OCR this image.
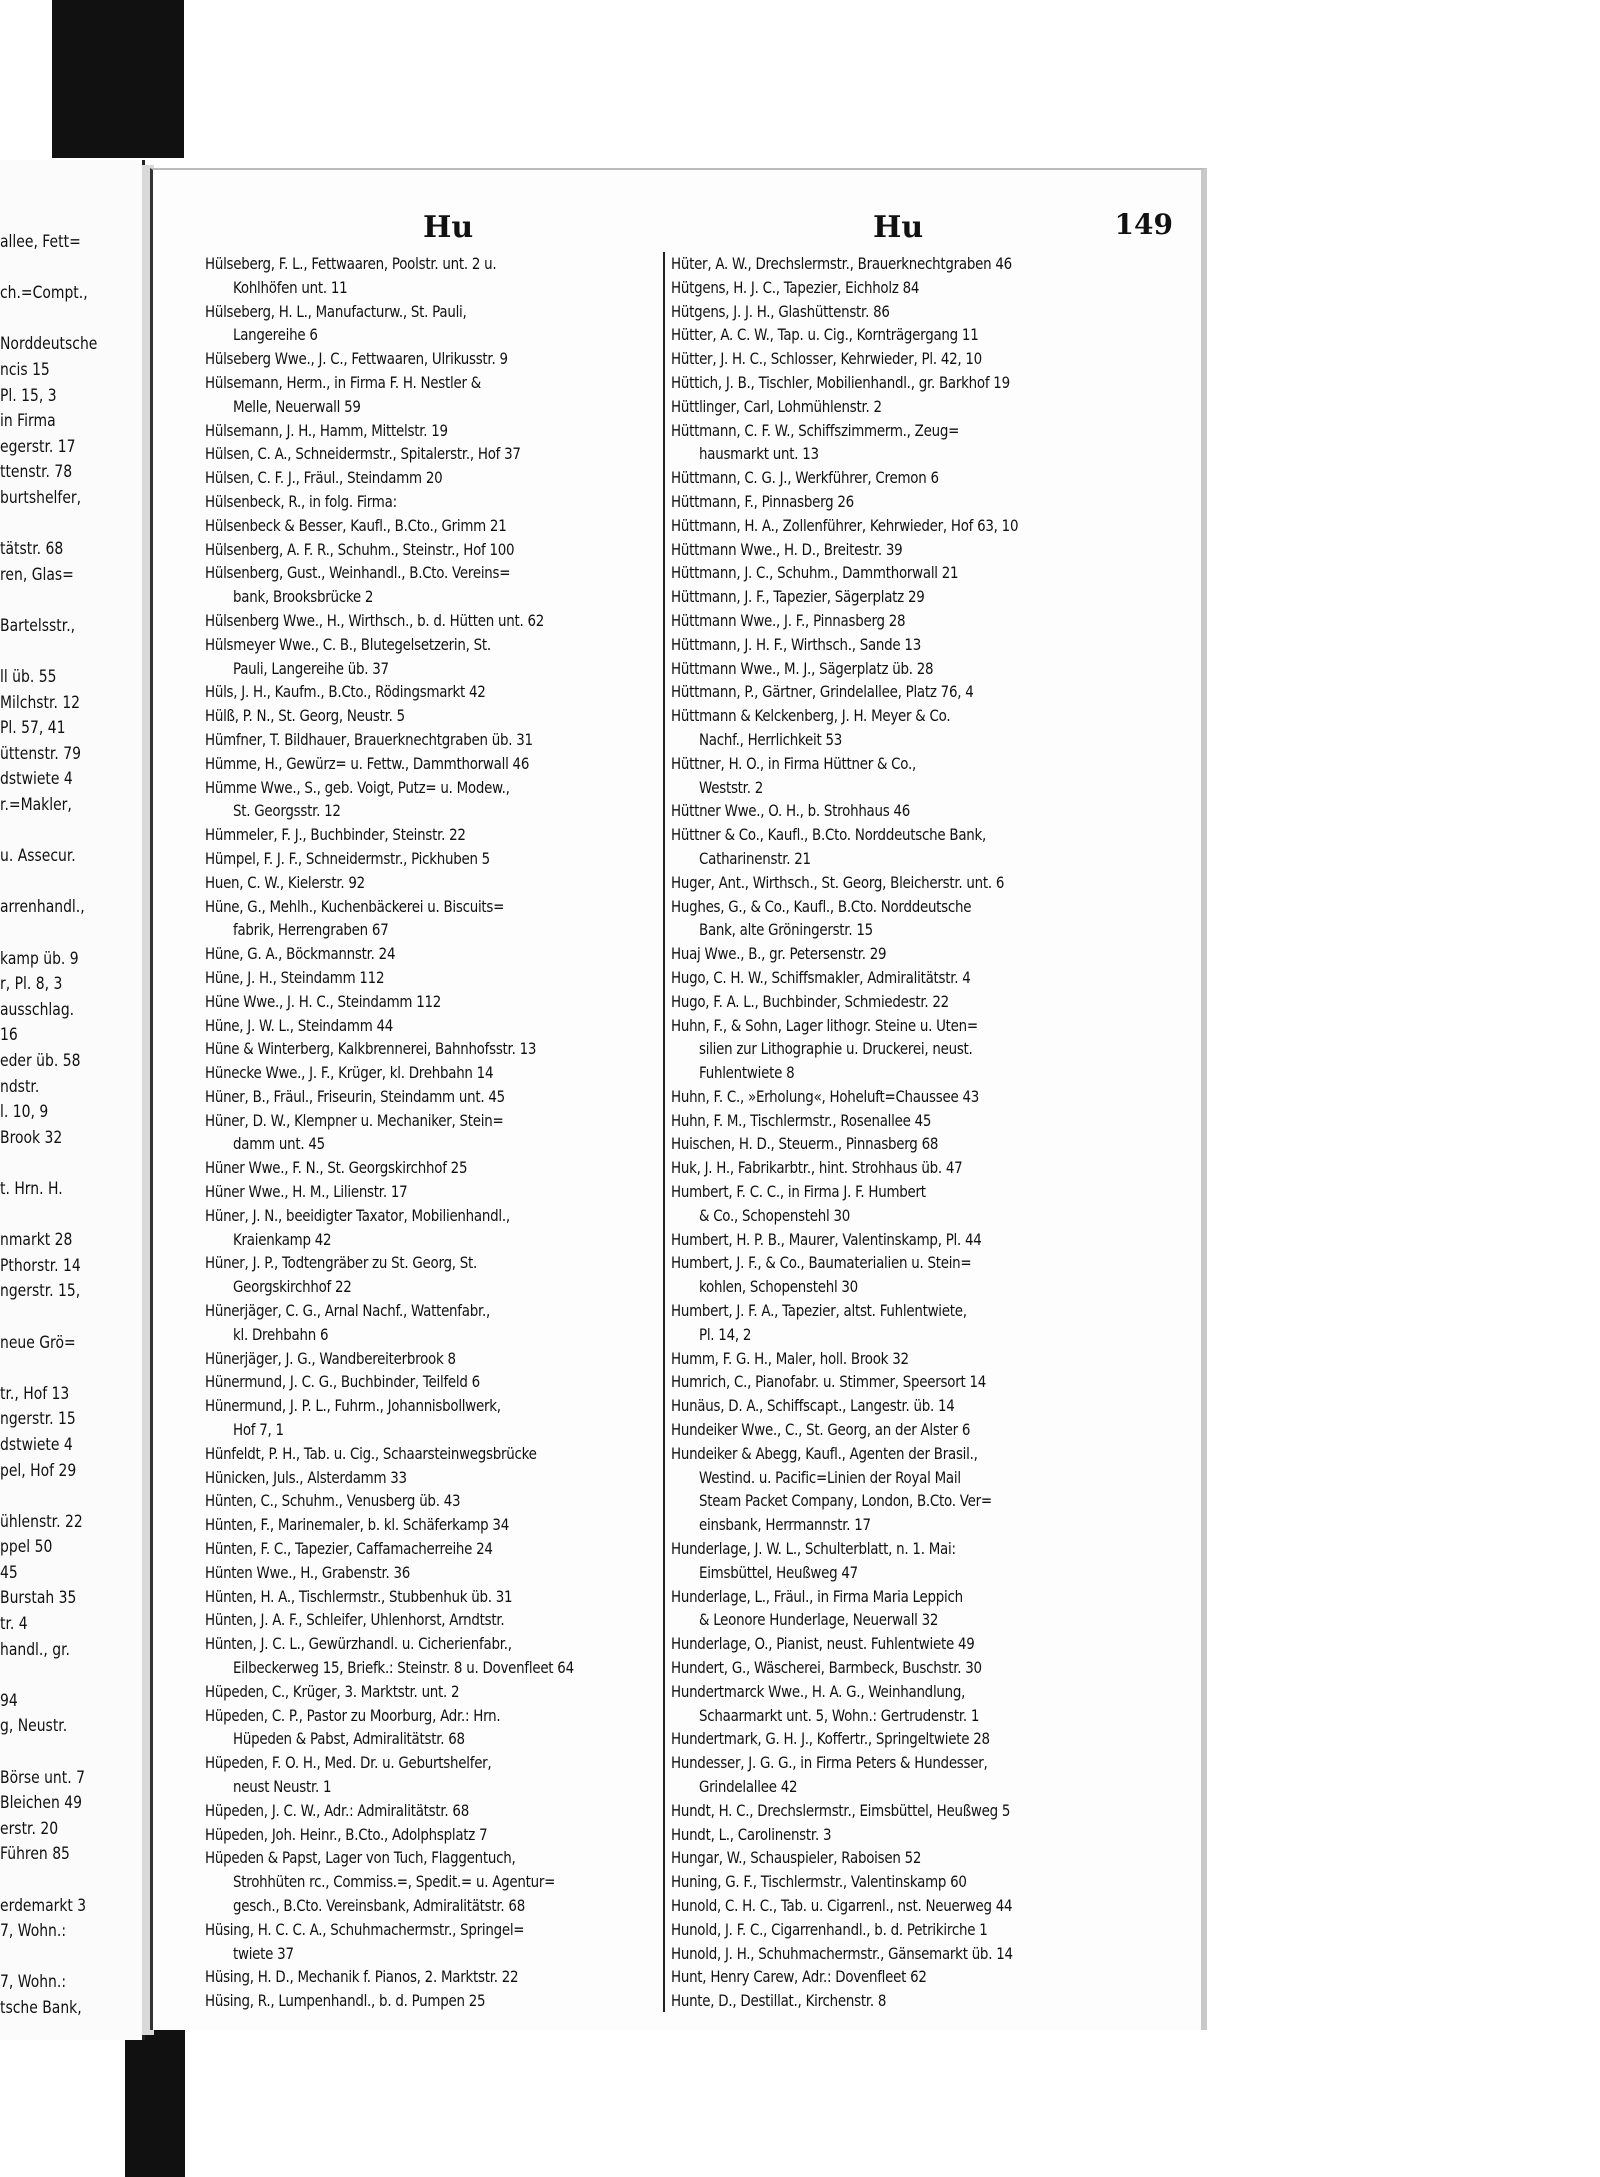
allee, Fett=
ch.=Compt.,
Norddeutsche
ncis 15
Pl. 15, 3
in Firma
egerstr. 17
ttenstr. 78
burtshelfer,
tätstr. 68
ren, Glas=
Bartelsstr.,
ll üb. 55
Milchstr. 12
Pl. 57, 41
üttenstr. 79
dstwiete 4
r.=Makler,
u. Assecur.
arrenhandl.,
kamp üb. 9
r, Pl. 8, 3
ausschlag.
16
eder üb. 58
ndstr.
l. 10, 9
Brook 32
t. Hrn. H.
nmarkt 28
Pthorstr. 14
ngerstr. 15,
neue Grö=
tr., Hof 13
ngerstr. 15
dstwiete 4
pel, Hof 29
ühlenstr. 22
ppel 50
45
Burstah 35
tr. 4
handl., gr.
94
g, Neustr.
Börse unt. 7
Bleichen 49
erstr. 20
Führen 85
erdemarkt 3
7, Wohn.:
7, Wohn.:
tsche Bank,
Hu	Hu	149
Hülseberg, F. L., Fettwaaren, Poolstr. unt. 2 u.
Kohlhöfen unt. 11
Hülseberg, H. L., Manufacturw., St. Pauli,
Langereihe 6
Hülseberg Wwe., J. C., Fettwaaren, Ulrikusstr. 9
Hülsemann, Herm., in Firma F. H. Nestler &
Melle, Neuerwall 59
Hülsemann, J. H., Hamm, Mittelstr. 19
Hülsen, C. A., Schneidermstr., Spitalerstr., Hof 37
Hülsen, C. F. J., Fräul., Steindamm 20
Hülsenbeck, R., in folg. Firma:
Hülsenbeck & Besser, Kaufl., B.Cto., Grimm 21
Hülsenberg, A. F. R., Schuhm., Steinstr., Hof 100
Hülsenberg, Gust., Weinhandl., B.Cto. Vereins=
bank, Brooksbrücke 2
Hülsenberg Wwe., H., Wirthsch., b. d. Hütten unt. 62
Hülsmeyer Wwe., C. B., Blutegelsetzerin, St.
Pauli, Langereihe üb. 37
Hüls, J. H., Kaufm., B.Cto., Rödingsmarkt 42
Hülß, P. N., St. Georg, Neustr. 5
Hümfner, T. Bildhauer, Brauerknechtgraben üb. 31
Hümme, H., Gewürz= u. Fettw., Dammthorwall 46
Hümme Wwe., S., geb. Voigt, Putz= u. Modew.,
St. Georgsstr. 12
Hümmeler, F. J., Buchbinder, Steinstr. 22
Hümpel, F. J. F., Schneidermstr., Pickhuben 5
Huen, C. W., Kielerstr. 92
Hüne, G., Mehlh., Kuchenbäckerei u. Biscuits=
fabrik, Herrengraben 67
Hüne, G. A., Böckmannstr. 24
Hüne, J. H., Steindamm 112
Hüne Wwe., J. H. C., Steindamm 112
Hüne, J. W. L., Steindamm 44
Hüne & Winterberg, Kalkbrennerei, Bahnhofsstr. 13
Hünecke Wwe., J. F., Krüger, kl. Drehbahn 14
Hüner, B., Fräul., Friseurin, Steindamm unt. 45
Hüner, D. W., Klempner u. Mechaniker, Stein=
damm unt. 45
Hüner Wwe., F. N., St. Georgskirchhof 25
Hüner Wwe., H. M., Lilienstr. 17
Hüner, J. N., beeidigter Taxator, Mobilienhandl.,
Kraienkamp 42
Hüner, J. P., Todtengräber zu St. Georg, St.
Georgskirchhof 22
Hünerjäger, C. G., Arnal Nachf., Wattenfabr.,
kl. Drehbahn 6
Hünerjäger, J. G., Wandbereiterbrook 8
Hünermund, J. C. G., Buchbinder, Teilfeld 6
Hünermund, J. P. L., Fuhrm., Johannisbollwerk,
Hof 7, 1
Hünfeldt, P. H., Tab. u. Cig., Schaarsteinwegsbrücke
Hünicken, Juls., Alsterdamm 33
Hünten, C., Schuhm., Venusberg üb. 43
Hünten, F., Marinemaler, b. kl. Schäferkamp 34
Hünten, F. C., Tapezier, Caffamacherreihe 24
Hünten Wwe., H., Grabenstr. 36
Hünten, H. A., Tischlermstr., Stubbenhuk üb. 31
Hünten, J. A. F., Schleifer, Uhlenhorst, Arndtstr.
Hünten, J. C. L., Gewürzhandl. u. Cicherienfabr.,
Eilbeckerweg 15, Briefk.: Steinstr. 8 u. Dovenfleet 64
Hüpeden, C., Krüger, 3. Marktstr. unt. 2
Hüpeden, C. P., Pastor zu Moorburg, Adr.: Hrn.
Hüpeden & Pabst, Admiralitätstr. 68
Hüpeden, F. O. H., Med. Dr. u. Geburtshelfer,
neust Neustr. 1
Hüpeden, J. C. W., Adr.: Admiralitätstr. 68
Hüpeden, Joh. Heinr., B.Cto., Adolphsplatz 7
Hüpeden & Papst, Lager von Tuch, Flaggentuch,
Strohhüten rc., Commiss.=, Spedit.= u. Agentur=
gesch., B.Cto. Vereinsbank, Admiralitätstr. 68
Hüsing, H. C. C. A., Schuhmachermstr., Springel=
twiete 37
Hüsing, H. D., Mechanik f. Pianos, 2. Marktstr. 22
Hüsing, R., Lumpenhandl., b. d. Pumpen 25
Hüter, A. W., Drechslermstr., Brauerknechtgraben 46
Hütgens, H. J. C., Tapezier, Eichholz 84
Hütgens, J. J. H., Glashüttenstr. 86
Hütter, A. C. W., Tap. u. Cig., Kornträgergang 11
Hütter, J. H. C., Schlosser, Kehrwieder, Pl. 42, 10
Hüttich, J. B., Tischler, Mobilienhandl., gr. Barkhof 19
Hüttlinger, Carl, Lohmühlenstr. 2
Hüttmann, C. F. W., Schiffszimmerm., Zeug=
hausmarkt unt. 13
Hüttmann, C. G. J., Werkführer, Cremon 6
Hüttmann, F., Pinnasberg 26
Hüttmann, H. A., Zollenführer, Kehrwieder, Hof 63, 10
Hüttmann Wwe., H. D., Breitestr. 39
Hüttmann, J. C., Schuhm., Dammthorwall 21
Hüttmann, J. F., Tapezier, Sägerplatz 29
Hüttmann Wwe., J. F., Pinnasberg 28
Hüttmann, J. H. F., Wirthsch., Sande 13
Hüttmann Wwe., M. J., Sägerplatz üb. 28
Hüttmann, P., Gärtner, Grindelallee, Platz 76, 4
Hüttmann & Kelckenberg, J. H. Meyer & Co.
Nachf., Herrlichkeit 53
Hüttner, H. O., in Firma Hüttner & Co.,
Weststr. 2
Hüttner Wwe., O. H., b. Strohhaus 46
Hüttner & Co., Kaufl., B.Cto. Norddeutsche Bank,
Catharinenstr. 21
Huger, Ant., Wirthsch., St. Georg, Bleicherstr. unt. 6
Hughes, G., & Co., Kaufl., B.Cto. Norddeutsche
Bank, alte Gröningerstr. 15
Huaj Wwe., B., gr. Petersenstr. 29
Hugo, C. H. W., Schiffsmakler, Admiralitätstr. 4
Hugo, F. A. L., Buchbinder, Schmiedestr. 22
Huhn, F., & Sohn, Lager lithogr. Steine u. Uten=
silien zur Lithographie u. Druckerei, neust.
Fuhlentwiete 8
Huhn, F. C., »Erholung«, Hoheluft=Chaussee 43
Huhn, F. M., Tischlermstr., Rosenallee 45
Huischen, H. D., Steuerm., Pinnasberg 68
Huk, J. H., Fabrikarbtr., hint. Strohhaus üb. 47
Humbert, F. C. C., in Firma J. F. Humbert
& Co., Schopenstehl 30
Humbert, H. P. B., Maurer, Valentinskamp, Pl. 44
Humbert, J. F., & Co., Baumaterialien u. Stein=
kohlen, Schopenstehl 30
Humbert, J. F. A., Tapezier, altst. Fuhlentwiete,
Pl. 14, 2
Humm, F. G. H., Maler, holl. Brook 32
Humrich, C., Pianofabr. u. Stimmer, Speersort 14
Hunäus, D. A., Schiffscapt., Langestr. üb. 14
Hundeiker Wwe., C., St. Georg, an der Alster 6
Hundeiker & Abegg, Kaufl., Agenten der Brasil.,
Westind. u. Pacific=Linien der Royal Mail
Steam Packet Company, London, B.Cto. Ver=
einsbank, Herrmannstr. 17
Hunderlage, J. W. L., Schulterblatt, n. 1. Mai:
Eimsbüttel, Heußweg 47
Hunderlage, L., Fräul., in Firma Maria Leppich
& Leonore Hunderlage, Neuerwall 32
Hunderlage, O., Pianist, neust. Fuhlentwiete 49
Hundert, G., Wäscherei, Barmbeck, Buschstr. 30
Hundertmarck Wwe., H. A. G., Weinhandlung,
Schaarmarkt unt. 5, Wohn.: Gertrudenstr. 1
Hundertmark, G. H. J., Koffertr., Springeltwiete 28
Hundesser, J. G. G., in Firma Peters & Hundesser,
Grindelallee 42
Hundt, H. C., Drechslermstr., Eimsbüttel, Heußweg 5
Hundt, L., Carolinenstr. 3
Hungar, W., Schauspieler, Raboisen 52
Huning, G. F., Tischlermstr., Valentinskamp 60
Hunold, C. H. C., Tab. u. Cigarrenl., nst. Neuerweg 44
Hunold, J. F. C., Cigarrenhandl., b. d. Petrikirche 1
Hunold, J. H., Schuhmachermstr., Gänsemarkt üb. 14
Hunt, Henry Carew, Adr.: Dovenfleet 62
Hunte, D., Destillat., Kirchenstr. 8
